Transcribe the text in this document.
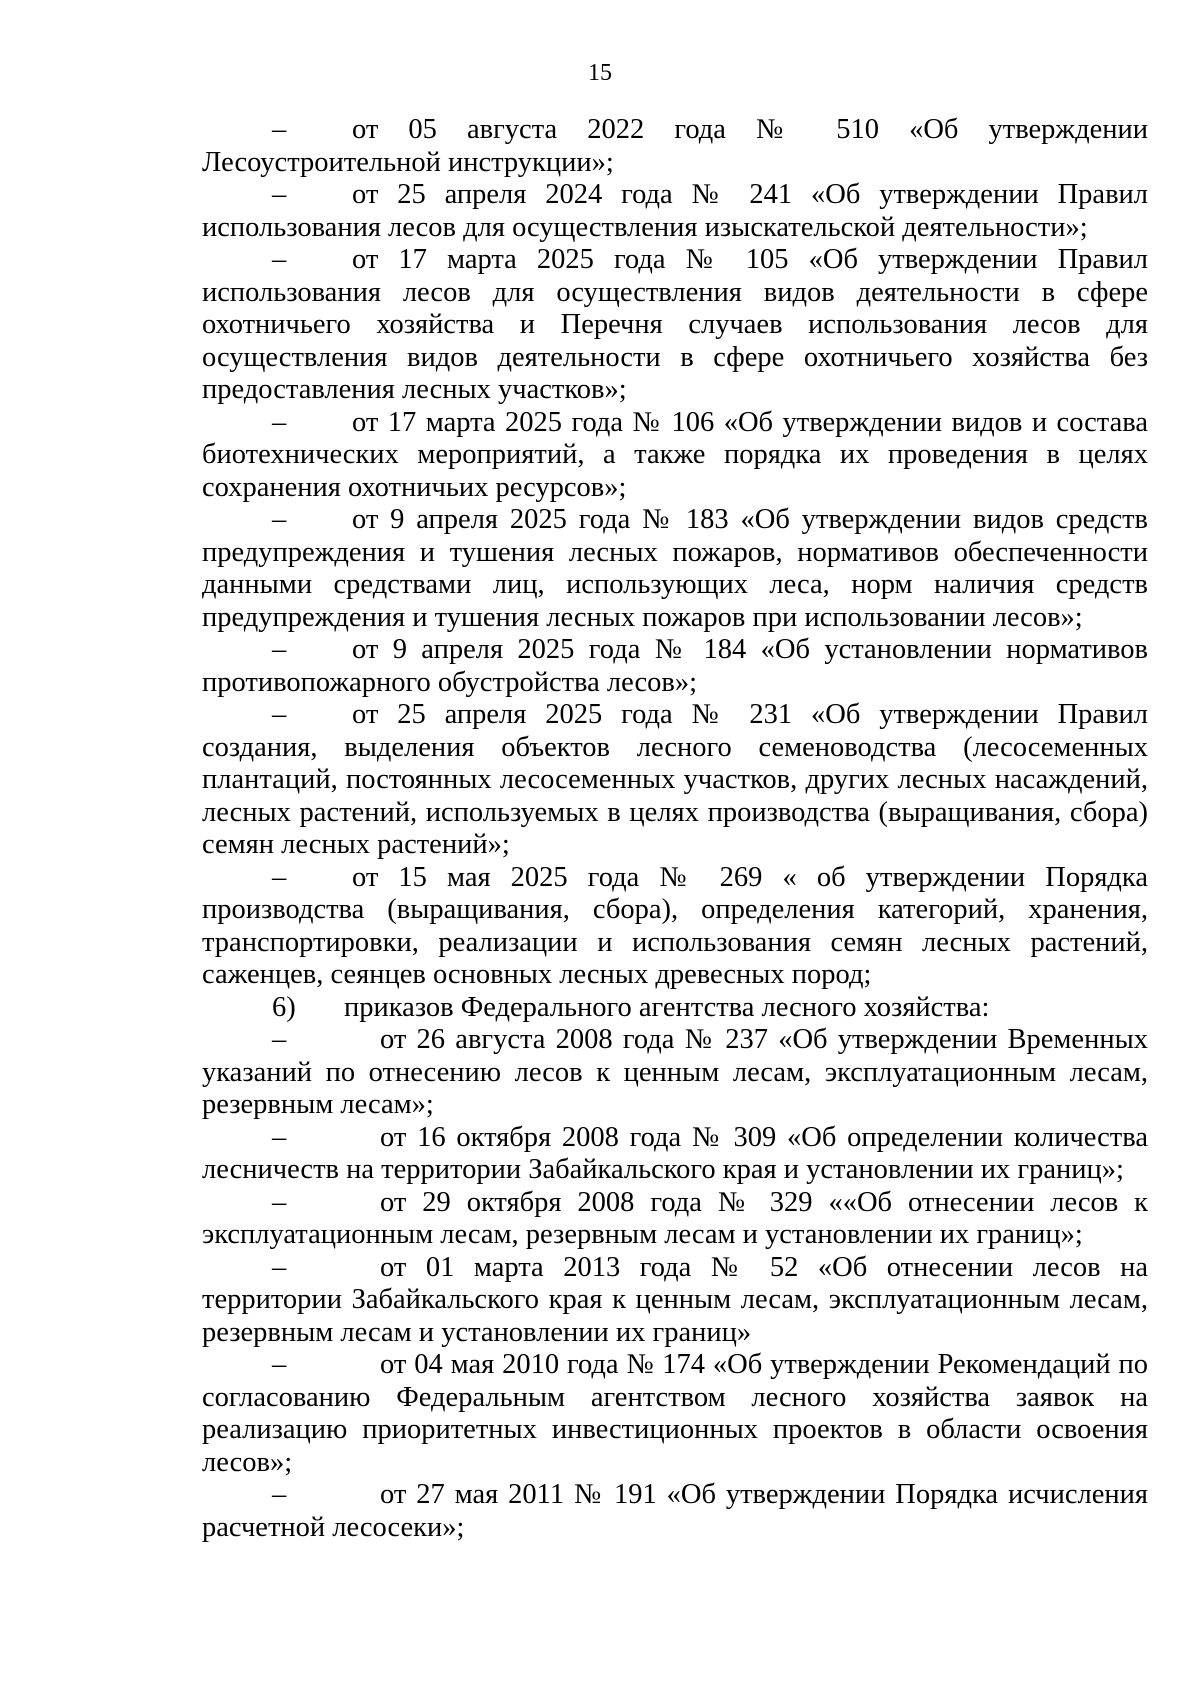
15

– от 05 августа 2022 года № 510 «Об утверждении Лесоустроительной инструкции»;

– от 25 апреля 2024 года № 241 «Об утверждении Правил использования лесов для осуществления изыскательской деятельности»;

– от 17 марта 2025 года № 105 «Об утверждении Правил использования лесов для осуществления видов деятельности в сфере охотничьего хозяйства и Перечня случаев использования лесов для осуществления видов деятельности в сфере охотничьего хозяйства без предоставления лесных участков»;

– от 17 марта 2025 года № 106 «Об утверждении видов и состава биотехнических мероприятий, а также порядка их проведения в целях сохранения охотничьих ресурсов»;

– от 9 апреля 2025 года № 183 «Об утверждении видов средств предупреждения и тушения лесных пожаров, нормативов обеспеченности данными средствами лиц, использующих леса, норм наличия средств предупреждения и тушения лесных пожаров при использовании лесов»;

– от 9 апреля 2025 года № 184 «Об установлении нормативов противопожарного обустройства лесов»;

– от 25 апреля 2025 года № 231 «Об утверждении Правил создания, выделения объектов лесного семеноводства (лесосеменных плантаций, постоянных лесосеменных участков, других лесных насаждений, лесных растений, используемых в целях производства (выращивания, сбора) семян лесных растений»;

– от 15 мая 2025 года № 269 « об утверждении Порядка производства (выращивания, сбора), определения категорий, хранения, транспортировки, реализации и использования семян лесных растений, саженцев, сеянцев основных лесных древесных пород;

6) приказов Федерального агентства лесного хозяйства:

–	от 26 августа 2008 года № 237 «Об утверждении Временных указаний по отнесению лесов к ценным лесам, эксплуатационным лесам, резервным лесам»;

–	от 16 октября 2008 года № 309 «Об определении количества лесничеств на территории Забайкальского края и установлении их границ»;

–	от 29 октября 2008 года № 329 ««Об отнесении лесов к эксплуатационным лесам, резервным лесам и установлении их границ»;

–	от 01 марта 2013 года № 52 «Об отнесении лесов на территории Забайкальского края к ценным лесам, эксплуатационным лесам, резервным лесам и установлении их границ»

–	от 04 мая 2010 года № 174 «Об утверждении Рекомендаций по согласованию Федеральным агентством лесного хозяйства заявок на реализацию приоритетных инвестиционных проектов в области освоения лесов»;

–	от 27 мая 2011 № 191 «Об утверждении Порядка исчисления расчетной лесосеки»;
